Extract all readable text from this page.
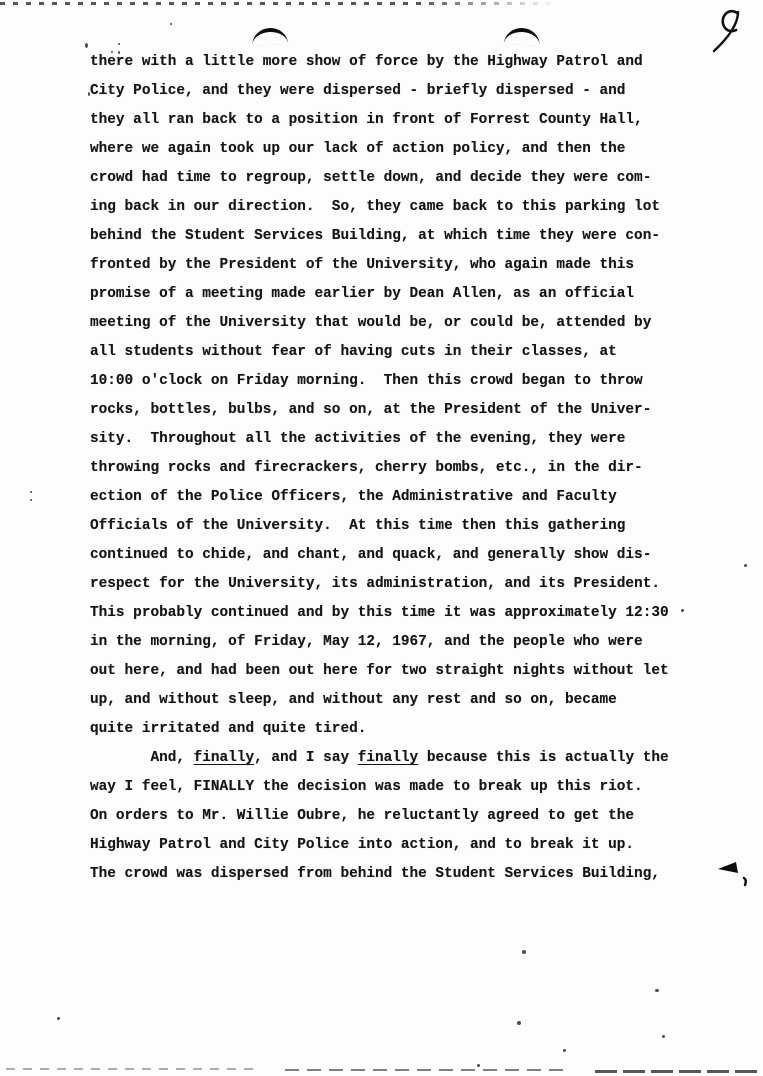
there with a little more show of force by the Highway Patrol and
City Police, and they were dispersed - briefly dispersed - and
they all ran back to a position in front of Forrest County Hall,
where we again took up our lack of action policy, and then the
crowd had time to regroup, settle down, and decide they were com-
ing back in our direction.  So, they came back to this parking lot
behind the Student Services Building, at which time they were con-
fronted by the President of the University, who again made this
promise of a meeting made earlier by Dean Allen, as an official
meeting of the University that would be, or could be, attended by
all students without fear of having cuts in their classes, at
10:00 o'clock on Friday morning.  Then this crowd began to throw
rocks, bottles, bulbs, and so on, at the President of the Univer-
sity.  Throughout all the activities of the evening, they were
throwing rocks and firecrackers, cherry bombs, etc., in the dir-
ection of the Police Officers, the Administrative and Faculty
Officials of the University.  At this time then this gathering
continued to chide, and chant, and quack, and generally show dis-
respect for the University, its administration, and its President.
This probably continued and by this time it was approximately 12:30
in the morning, of Friday, May 12, 1967, and the people who were
out here, and had been out here for two straight nights without let
up, and without sleep, and without any rest and so on, became
quite irritated and quite tired.
And, finally, and I say finally because this is actually the
way I feel, FINALLY the decision was made to break up this riot.
On orders to Mr. Willie Oubre, he reluctantly agreed to get the
Highway Patrol and City Police into action, and to break it up.
The crowd was dispersed from behind the Student Services Building,
